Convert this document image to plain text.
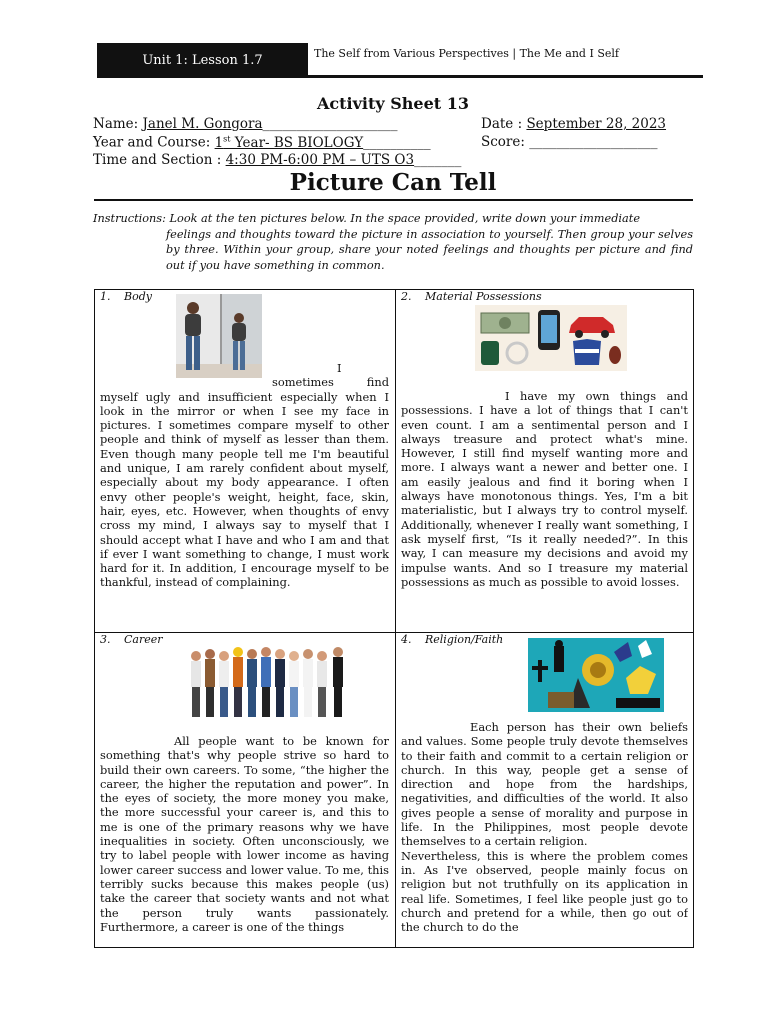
Unit 1: Lesson 1.7	The Self from Various Perspectives | The Me and I Self
Activity Sheet 13
Name: Janel M. Gongora____________________	Date : September 28, 2023
Year and Course: 1st Year- BS BIOLOGY__________	Score: ___________________
Time and Section : 4:30 PM-6:00 PM – UTS O3_______
Picture Can Tell
Instructions: Look at the ten pictures below. In the space provided, write down your immediate
feelings and thoughts toward the picture in association to yourself. Then group your selves by three. Within your group, share your noted feelings and thoughts per picture and find out if you have something in common.
1. Body
I sometimes find myself ugly and insufficient especially when I look in the mirror or when I see my face in pictures. I sometimes compare myself to other people and think of myself as lesser than them. Even though many people tell me I'm beautiful and unique, I am rarely confident about myself, especially about my body appearance. I often envy other people's weight, height, face, skin, hair, eyes, etc. However, when thoughts of envy cross my mind, I always say to myself that I should accept what I have and who I am and that if ever I want something to change, I must work hard for it. In addition, I encourage myself to be thankful, instead of complaining.
2. Material Possessions
I have my own things and possessions. I have a lot of things that I can't even count. I am a sentimental person and I always treasure and protect what's mine. However, I still find myself wanting more and more. I always want a newer and better one. I am easily jealous and find it boring when I always have monotonous things. Yes, I'm a bit materialistic, but I always try to control myself. Additionally, whenever I really want something, I ask myself first, “Is it really needed?”. In this way, I can measure my decisions and avoid my impulse wants. And so I treasure my material possessions as much as possible to avoid losses.
3. Career
All people want to be known for something that's why people strive so hard to build their own careers. To some, “the higher the career, the higher the reputation and power”. In the eyes of society, the more money you make, the more successful your career is, and this to me is one of the primary reasons why we have inequalities in society. Often unconsciously, we try to label people with lower income as having lower career success and lower value. To me, this terribly sucks because this makes people (us) take the career that society wants and not what the person truly wants passionately. Furthermore, a career is one of the things
4. Religion/Faith
Each person has their own beliefs and values. Some people truly devote themselves to their faith and commit to a certain religion or church. In this way, people get a sense of direction and hope from the hardships, negativities, and difficulties of the world. It also gives people a sense of morality and purpose in life. In the Philippines, most people devote themselves to a certain religion.
Nevertheless, this is where the problem comes in. As I've observed, people mainly focus on religion but not truthfully on its application in real life. Sometimes, I feel like people just go to church and pretend for a while, then go out of the church to do the
